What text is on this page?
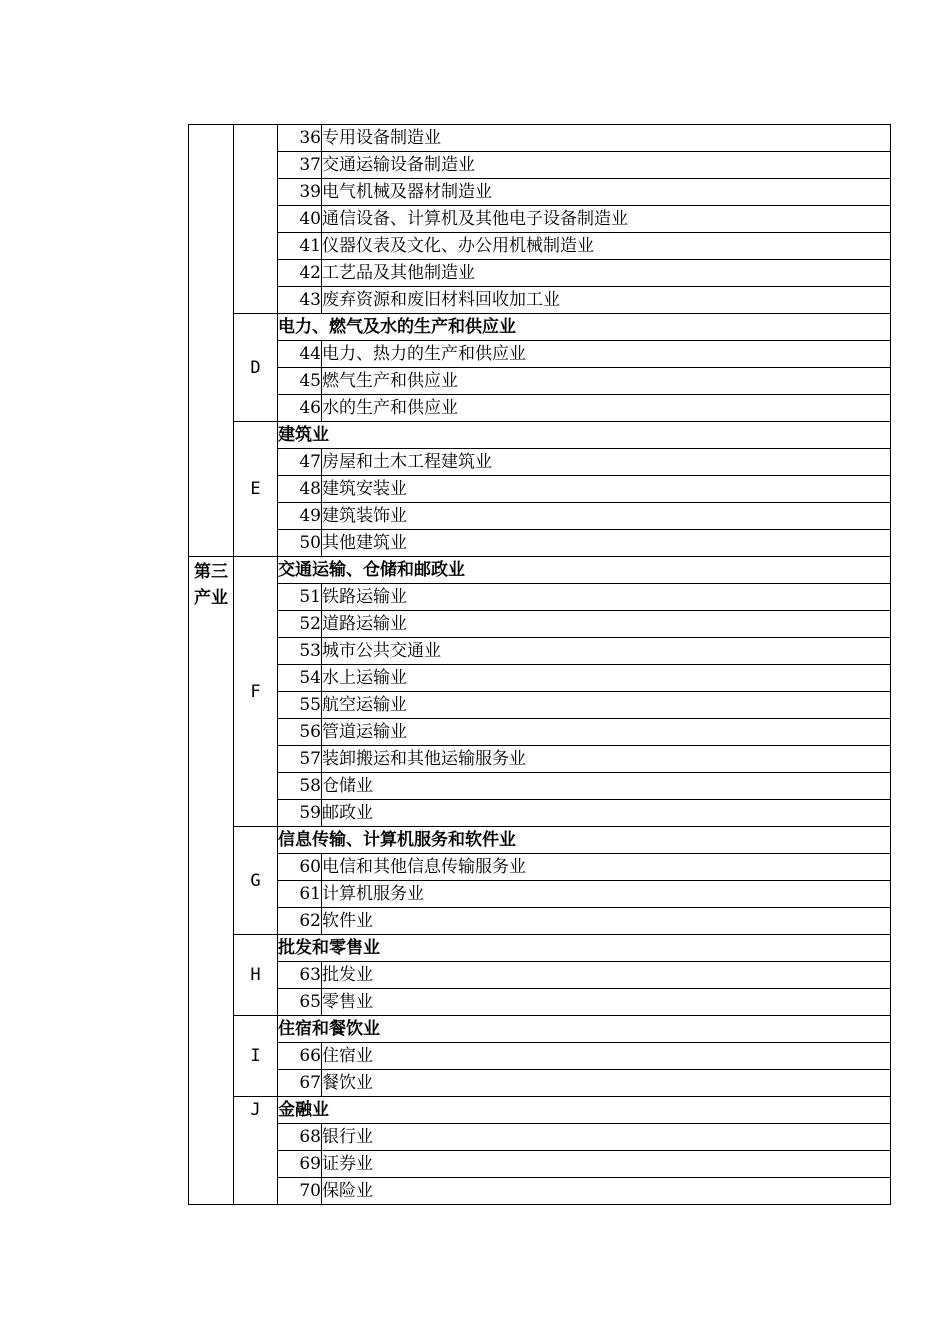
		36	专用设备制造业
		37	交通运输设备制造业
		39	电气机械及器材制造业
		40	通信设备、计算机及其他电子设备制造业
		41	仪器仪表及文化、办公用机械制造业
		42	工艺品及其他制造业
		43	废弃资源和废旧材料回收加工业
	D	电力、燃气及水的生产和供应业	
		44	电力、热力的生产和供应业
		45	燃气生产和供应业
		46	水的生产和供应业
	E	建筑业	
		47	房屋和土木工程建筑业
		48	建筑安装业
		49	建筑装饰业
		50	其他建筑业

第三产业	F	交通运输、仓储和邮政业	
		51	铁路运输业
		52	道路运输业
		53	城市公共交通业
		54	水上运输业
		55	航空运输业
		56	管道运输业
		57	装卸搬运和其他运输服务业
		58	仓储业
		59	邮政业
	G	信息传输、计算机服务和软件业	
		60	电信和其他信息传输服务业
		61	计算机服务业
		62	软件业
	H	批发和零售业	
		63	批发业
		65	零售业
	I	住宿和餐饮业	
		66	住宿业
		67	餐饮业
	J	金融业	
		68	银行业
		69	证券业
		70	保险业
